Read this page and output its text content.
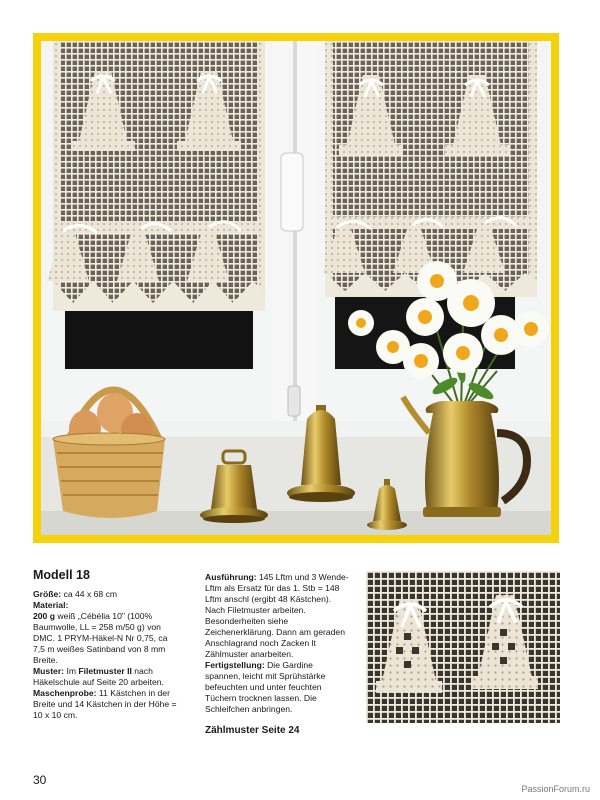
Modell 18

Größe: ca 44 x 68 cm

Material:
200 g weiß „Cébélia 10" (100% Baumwolle, LL = 258 m/50 g) von DMC. 1 PRYM-Häkel-N Nr 0,75, ca 7,5 m weißes Satinband von 8 mm Breite.

Muster: Im Filetmuster II nach Häkelschule auf Seite 20 arbeiten.

Maschenprobe: 11 Kästchen in der Breite und 14 Kästchen in der Höhe = 10 x 10 cm.

Ausführung: 145 Lftm und 3 Wende-Lftm als Ersatz für das 1. Stb = 148 Lftm anschl (ergibt 48 Kästchen). Nach Filetmuster arbeiten. Besonderheiten siehe Zeichenerklärung. Dann am geraden Anschlagrand noch Zacken lt Zählmuster anarbeiten.

Fertigstellung: Die Gardine spannen, leicht mit Sprühstärke befeuchten und unter feuchten Tüchern trocknen lassen. Die Schleifchen anbringen.

Zählmuster Seite 24
30
PassionForum.ru
